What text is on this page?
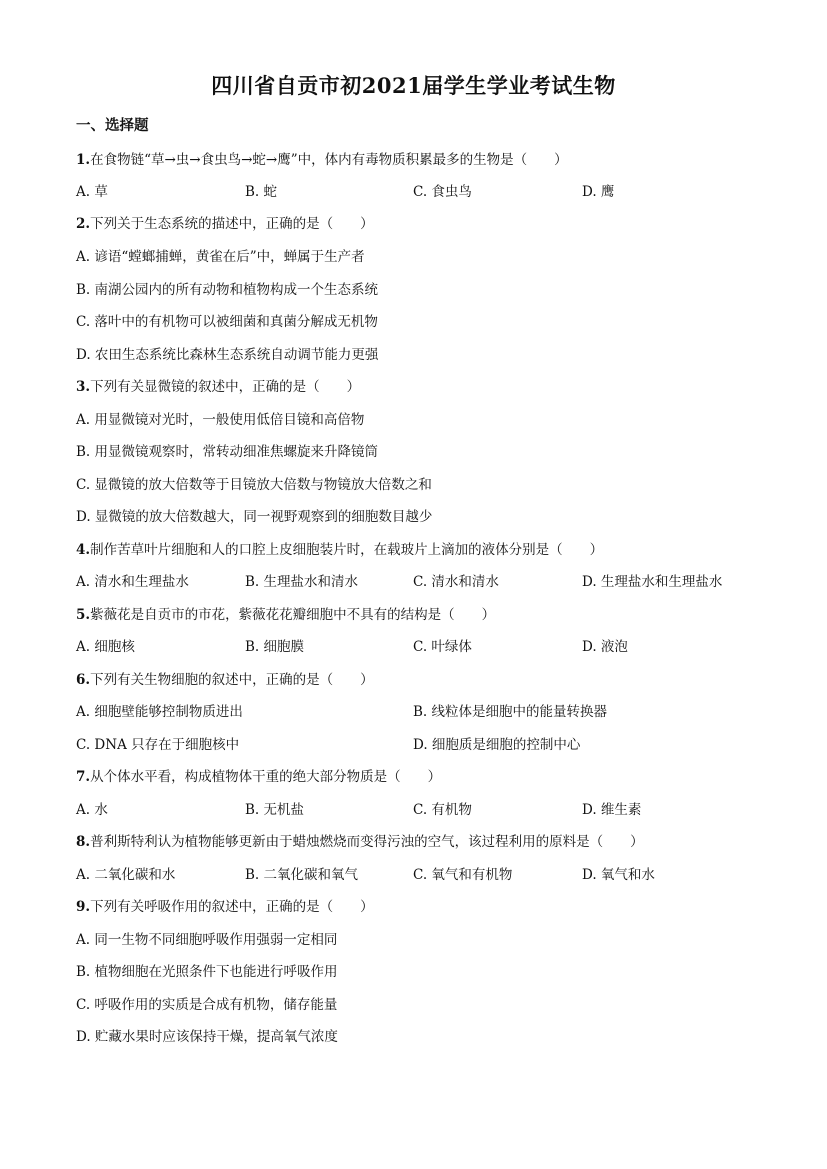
四川省自贡市初2021届学生学业考试生物
一、选择题
1.在食物链“草→虫→食虫鸟→蛇→鹰”中，体内有毒物质积累最多的生物是（　　）
A. 草	B. 蛇	C. 食虫鸟	D. 鹰
2.下列关于生态系统的描述中，正确的是（　　）
A. 谚语“螳螂捕蝉，黄雀在后”中，蝉属于生产者
B. 南湖公园内的所有动物和植物构成一个生态系统
C. 落叶中的有机物可以被细菌和真菌分解成无机物
D. 农田生态系统比森林生态系统自动调节能力更强
3.下列有关显微镜的叙述中，正确的是（　　）
A. 用显微镜对光时，一般使用低倍目镜和高倍物
B. 用显微镜观察时，常转动细准焦螺旋来升降镜筒
C. 显微镜的放大倍数等于目镜放大倍数与物镜放大倍数之和
D. 显微镜的放大倍数越大，同一视野观察到的细胞数目越少
4.制作苦草叶片细胞和人的口腔上皮细胞装片时，在载玻片上滴加的液体分别是（　　）
A. 清水和生理盐水	B. 生理盐水和清水	C. 清水和清水	D. 生理盐水和生理盐水
5.紫薇花是自贡市的市花，紫薇花花瓣细胞中不具有的结构是（　　）
A. 细胞核	B. 细胞膜	C. 叶绿体	D. 液泡
6.下列有关生物细胞的叙述中，正确的是（　　）
A. 细胞壁能够控制物质进出	B. 线粒体是细胞中的能量转换器
C. DNA 只存在于细胞核中	D. 细胞质是细胞的控制中心
7.从个体水平看，构成植物体干重的绝大部分物质是（　　）
A. 水	B. 无机盐	C. 有机物	D. 维生素
8.普利斯特利认为植物能够更新由于蜡烛燃烧而变得污浊的空气，该过程利用的原料是（　　）
A. 二氧化碳和水	B. 二氧化碳和氧气	C. 氧气和有机物	D. 氧气和水
9.下列有关呼吸作用的叙述中，正确的是（　　）
A. 同一生物不同细胞呼吸作用强弱一定相同
B. 植物细胞在光照条件下也能进行呼吸作用
C. 呼吸作用的实质是合成有机物，储存能量
D. 贮藏水果时应该保持干燥，提高氧气浓度
